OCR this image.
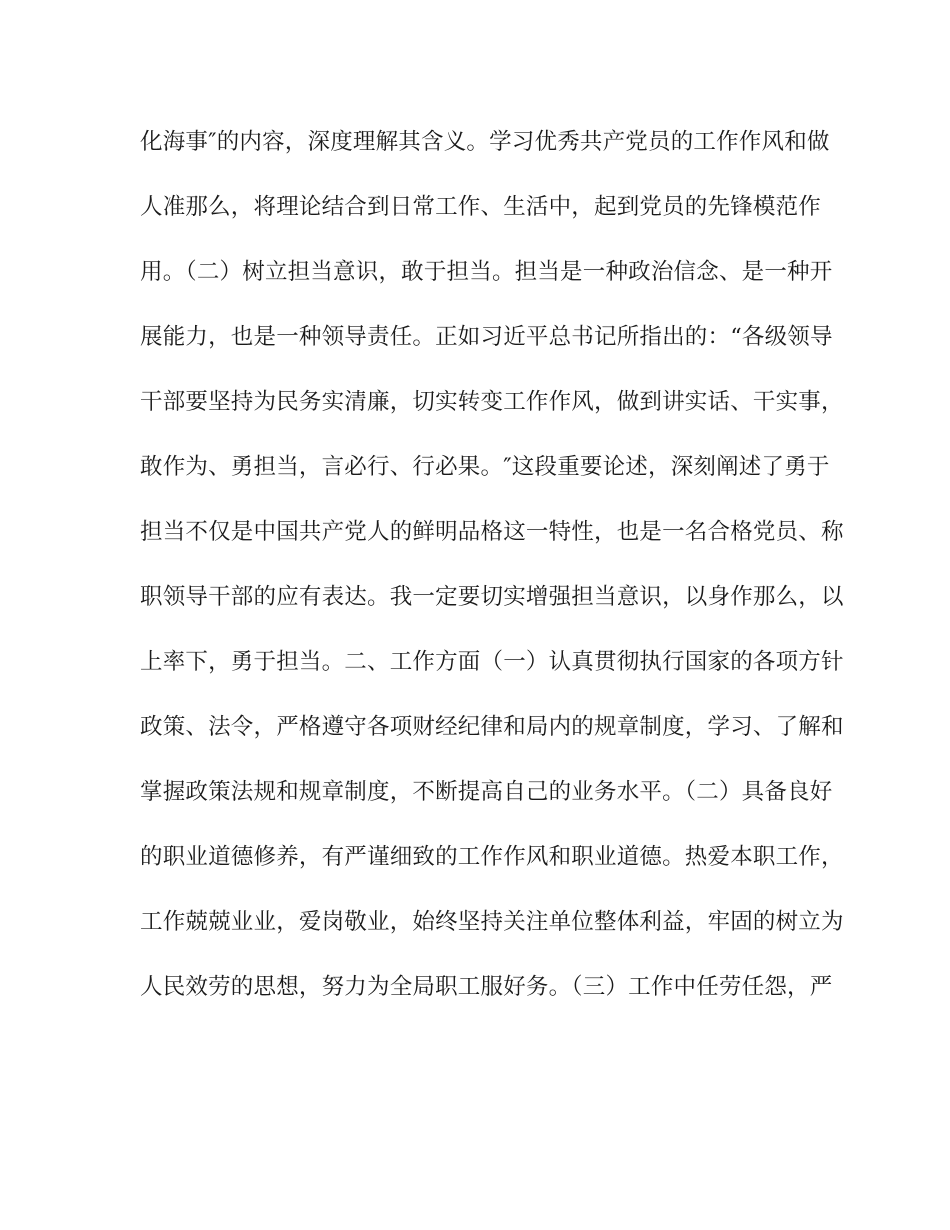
化海事″的内容，深度理解其含义。学习优秀共产党员的工作作风和做
人准那么，将理论结合到日常工作、生活中，起到党员的先锋模范作
用。（二）树立担当意识，敢于担当。担当是一种政治信念、是一种开
展能力，也是一种领导责任。正如习近平总书记所指出的：“各级领导
干部要坚持为民务实清廉，切实转变工作作风，做到讲实话、干实事，
敢作为、勇担当，言必行、行必果。″这段重要论述，深刻阐述了勇于
担当不仅是中国共产党人的鲜明品格这一特性，也是一名合格党员、称
职领导干部的应有表达。我一定要切实增强担当意识，以身作那么，以
上率下，勇于担当。二、工作方面（一）认真贯彻执行国家的各项方针
政策、法令，严格遵守各项财经纪律和局内的规章制度，学习、了解和
掌握政策法规和规章制度，不断提高自己的业务水平。（二）具备良好
的职业道德修养，有严谨细致的工作作风和职业道德。热爱本职工作，
工作兢兢业业，爱岗敬业，始终坚持关注单位整体利益，牢固的树立为
人民效劳的思想，努力为全局职工服好务。（三）工作中任劳任怨，严
